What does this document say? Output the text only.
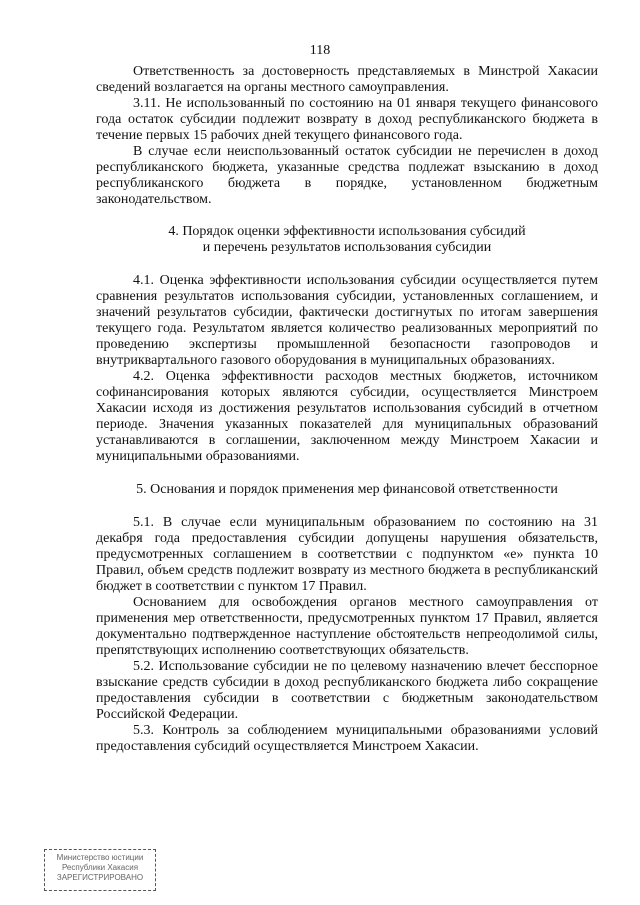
118

Ответственность за достоверность представляемых в Минстрой Хакасии сведений возлагается на органы местного самоуправления.

3.11. Не использованный по состоянию на 01 января текущего финансового года остаток субсидии подлежит возврату в доход республиканского бюджета в течение первых 15 рабочих дней текущего финансового года.

В случае если неиспользованный остаток субсидии не перечислен в доход республиканского бюджета, указанные средства подлежат взысканию в доход республиканского бюджета в порядке, установленном бюджетным законодательством.

4. Порядок оценки эффективности использования субсидий

и перечень результатов использования субсидии

4.1. Оценка эффективности использования субсидии осуществляется путем сравнения результатов использования субсидии, установленных соглашением, и значений результатов субсидии, фактически достигнутых по итогам завершения текущего года. Результатом является количество реализованных мероприятий по проведению экспертизы промышленной безопасности газопроводов и внутриквартального газового оборудования в муниципальных образованиях.

4.2. Оценка эффективности расходов местных бюджетов, источником софинансирования которых являются субсидии, осуществляется Минстроем Хакасии исходя из достижения результатов использования субсидий в отчетном периоде. Значения указанных показателей для муниципальных образований устанавливаются в соглашении, заключенном между Минстроем Хакасии и муниципальными образованиями.

5. Основания и порядок применения мер финансовой ответственности

5.1. В случае если муниципальным образованием по состоянию на 31 декабря года предоставления субсидии допущены нарушения обязательств, предусмотренных соглашением в соответствии с подпунктом «е» пункта 10 Правил, объем средств подлежит возврату из местного бюджета в республиканский бюджет в соответствии с пунктом 17 Правил.

Основанием для освобождения органов местного самоуправления от применения мер ответственности, предусмотренных пунктом 17 Правил, является документально подтвержденное наступление обстоятельств непреодолимой силы, препятствующих исполнению соответствующих обязательств.

5.2. Использование субсидии не по целевому назначению влечет бесспорное взыскание средств субсидии в доход республиканского бюджета либо сокращение предоставления субсидии в соответствии с бюджетным законодательством Российской Федерации.

5.3. Контроль за соблюдением муниципальными образованиями условий предоставления субсидий осуществляется Минстроем Хакасии.

Министерство юстиции
Республики Хакасия
ЗАРЕГИСТРИРОВАНО
